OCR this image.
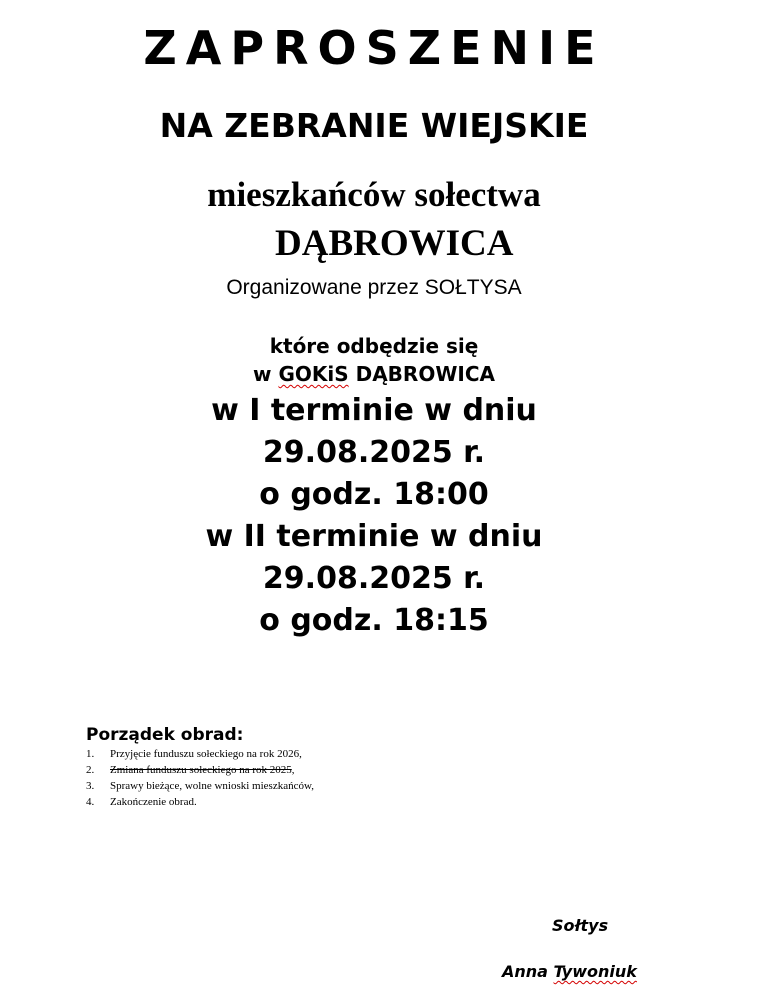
ZAPROSZENIE
NA ZEBRANIE WIEJSKIE
mieszkańców sołectwa
DĄBROWICA
Organizowane przez SOŁTYSA
które odbędzie się
w GOKiS DĄBROWICA
w I terminie w dniu
29.08.2025 r.
o godz. 18:00
w II terminie w dniu
29.08.2025 r.
o godz. 18:15
Porządek obrad:
1.	Przyjęcie funduszu sołeckiego na rok 2026,
2.	Zmiana funduszu sołeckiego na rok 2025 ,
3.	Sprawy bieżące, wolne wnioski mieszkańców,
4.	Zakończenie obrad.
Sołtys
Anna Tywoniuk
